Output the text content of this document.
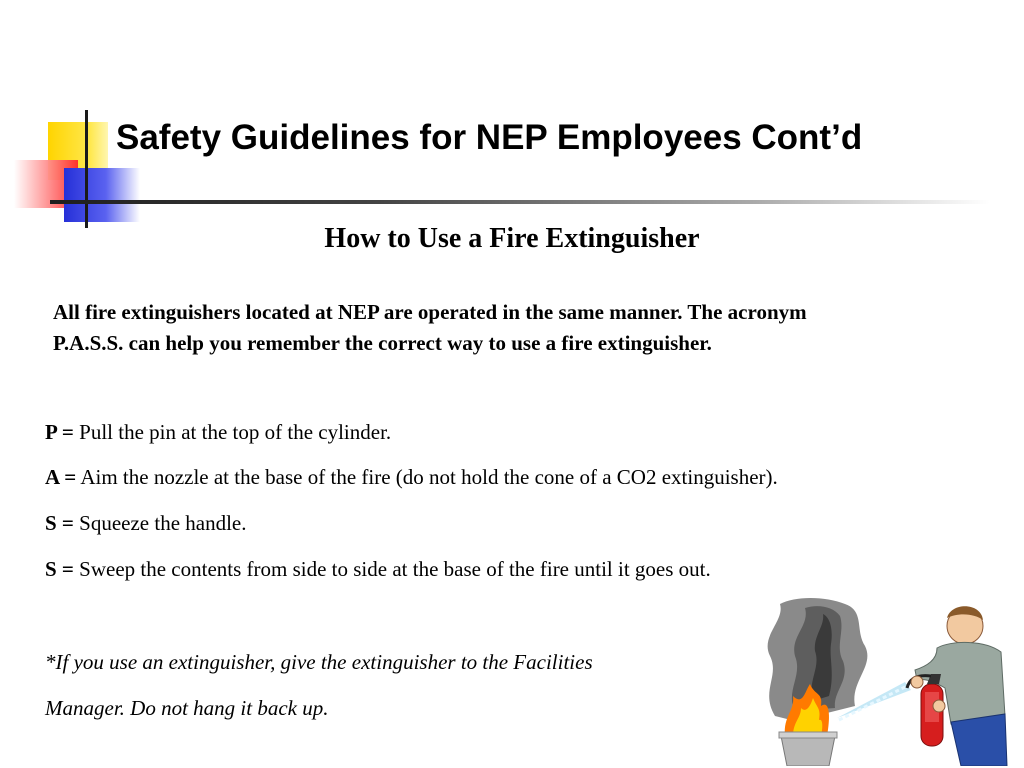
Safety Guidelines for NEP Employees Cont’d
How to Use a Fire Extinguisher
All fire extinguishers located at NEP are operated in the same manner. The acronym
P.A.S.S. can help you remember the correct way to use a fire extinguisher.
P = Pull the pin at the top of the cylinder.
A = Aim the nozzle at the base of the fire (do not hold the cone of a CO2 extinguisher).
S = Squeeze the handle.
S = Sweep the contents from side to side at the base of the fire until it goes out.
*If you use an extinguisher, give the extinguisher to the Facilities
Manager. Do not hang it back up.
